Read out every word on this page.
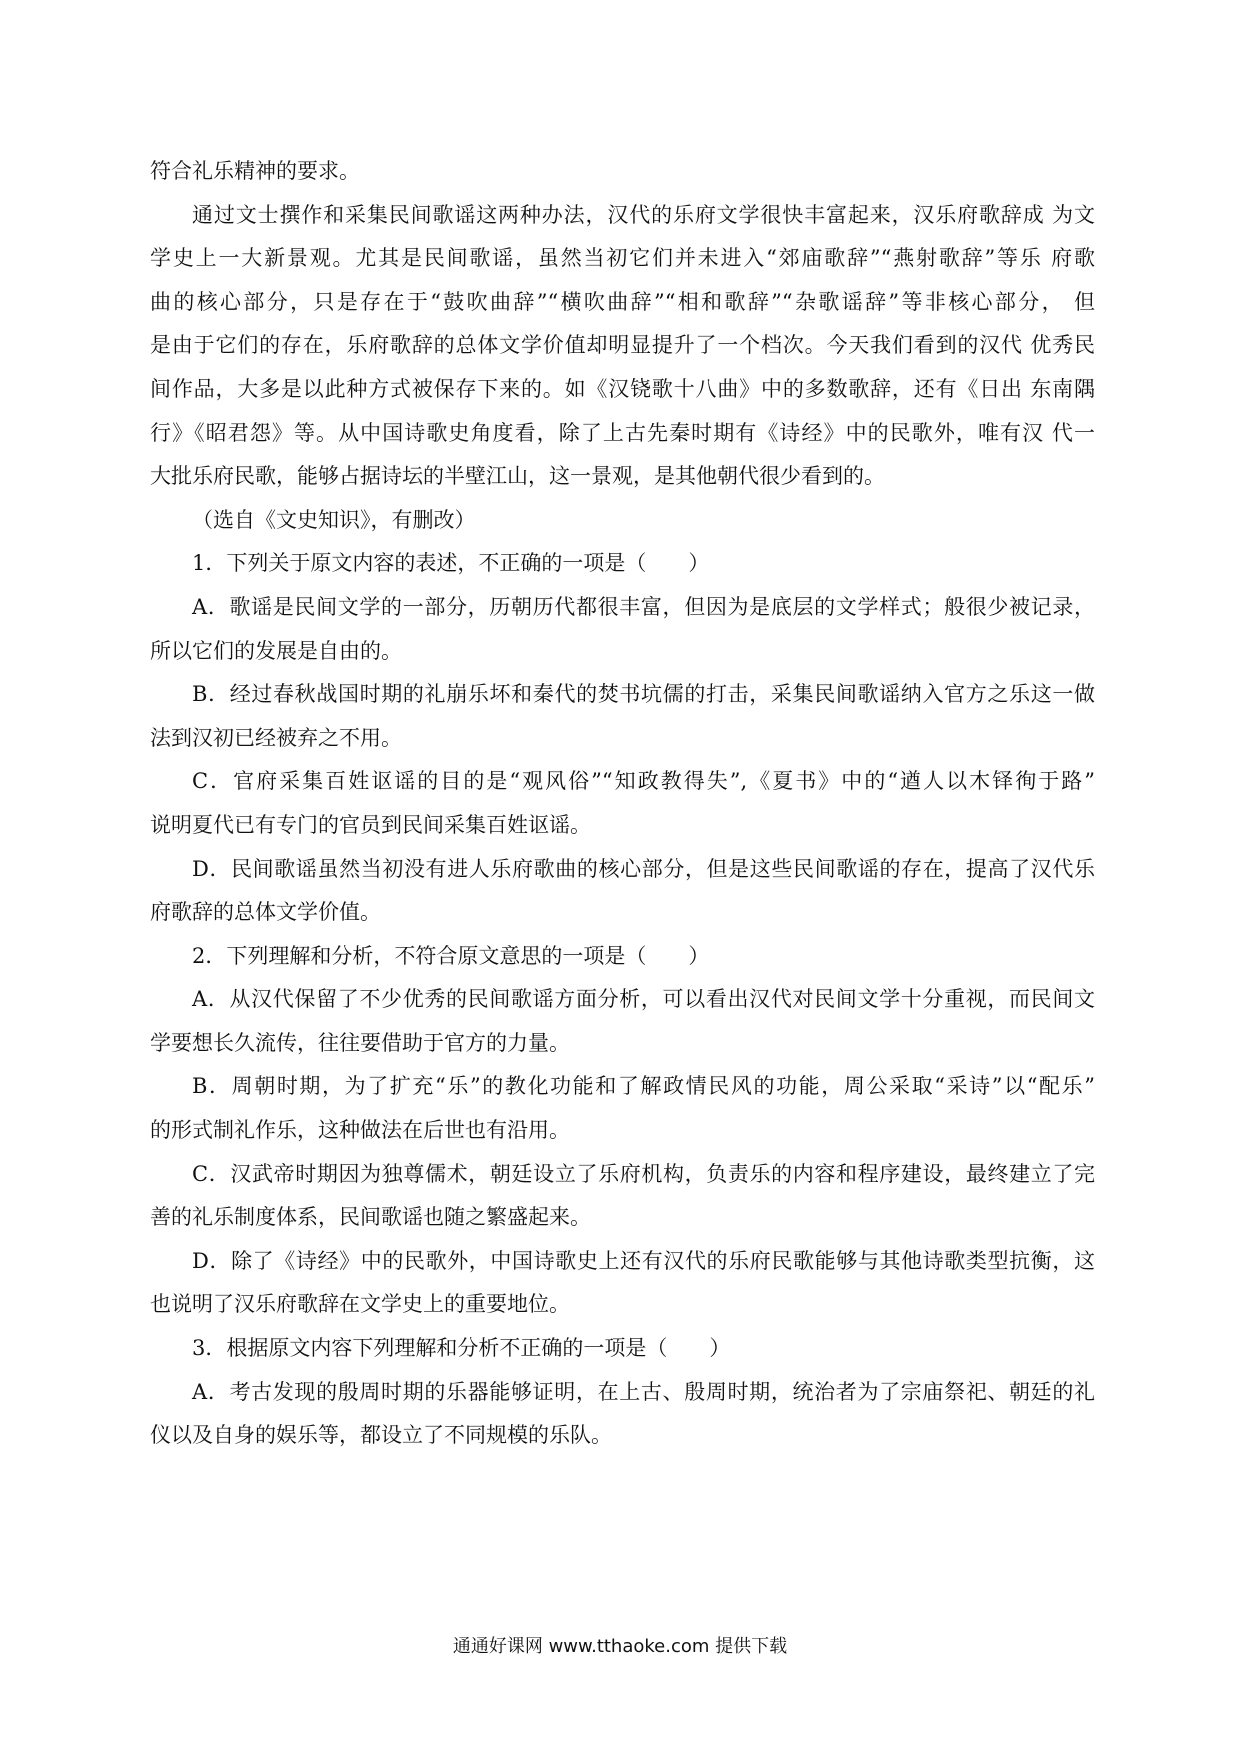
符合礼乐精神的要求。
通过文士撰作和采集民间歌谣这两种办法，汉代的乐府文学很快丰富起来，汉乐府歌辞成 为文
学史上一大新景观。尤其是民间歌谣，虽然当初它们并未进入“郊庙歌辞”“燕射歌辞”等乐 府歌
曲的核心部分，只是存在于“鼓吹曲辞”“横吹曲辞”“相和歌辞”“杂歌谣辞”等非核心部分， 但
是由于它们的存在，乐府歌辞的总体文学价值却明显提升了一个档次。今天我们看到的汉代 优秀民
间作品，大多是以此种方式被保存下来的。如《汉铙歌十八曲》中的多数歌辞，还有《日出 东南隅
行》《昭君怨》等。从中国诗歌史角度看，除了上古先秦时期有《诗经》中的民歌外，唯有汉 代一
大批乐府民歌，能够占据诗坛的半壁江山，这一景观，是其他朝代很少看到的。
（选自《文史知识》，有删改）
1．下列关于原文内容的表述，不正确的一项是（　　）
A．歌谣是民间文学的一部分，历朝历代都很丰富，但因为是底层的文学样式；般很少被记录，
所以它们的发展是自由的。
B．经过春秋战国时期的礼崩乐坏和秦代的焚书坑儒的打击，采集民间歌谣纳入官方之乐这一做
法到汉初已经被弃之不用。
C．官府采集百姓讴谣的目的是“观风俗”“知政教得失”,《夏书》中的“遒人以木铎徇于路”
说明夏代已有专门的官员到民间采集百姓讴谣。
D．民间歌谣虽然当初没有进人乐府歌曲的核心部分，但是这些民间歌谣的存在，提高了汉代乐
府歌辞的总体文学价值。
2．下列理解和分析，不符合原文意思的一项是（　　）
A．从汉代保留了不少优秀的民间歌谣方面分析，可以看出汉代对民间文学十分重视，而民间文
学要想长久流传，往往要借助于官方的力量。
B．周朝时期，为了扩充“乐”的教化功能和了解政情民风的功能，周公采取“采诗”以“配乐”
的形式制礼作乐，这种做法在后世也有沿用。
C．汉武帝时期因为独尊儒术，朝廷设立了乐府机构，负责乐的内容和程序建设，最终建立了完
善的礼乐制度体系，民间歌谣也随之繁盛起来。
D．除了《诗经》中的民歌外，中国诗歌史上还有汉代的乐府民歌能够与其他诗歌类型抗衡，这
也说明了汉乐府歌辞在文学史上的重要地位。
3．根据原文内容下列理解和分析不正确的一项是（　　）
A．考古发现的殷周时期的乐器能够证明，在上古、殷周时期，统治者为了宗庙祭祀、朝廷的礼
仪以及自身的娱乐等，都设立了不同规模的乐队。
通通好课网 www.tthaoke.com 提供下载
